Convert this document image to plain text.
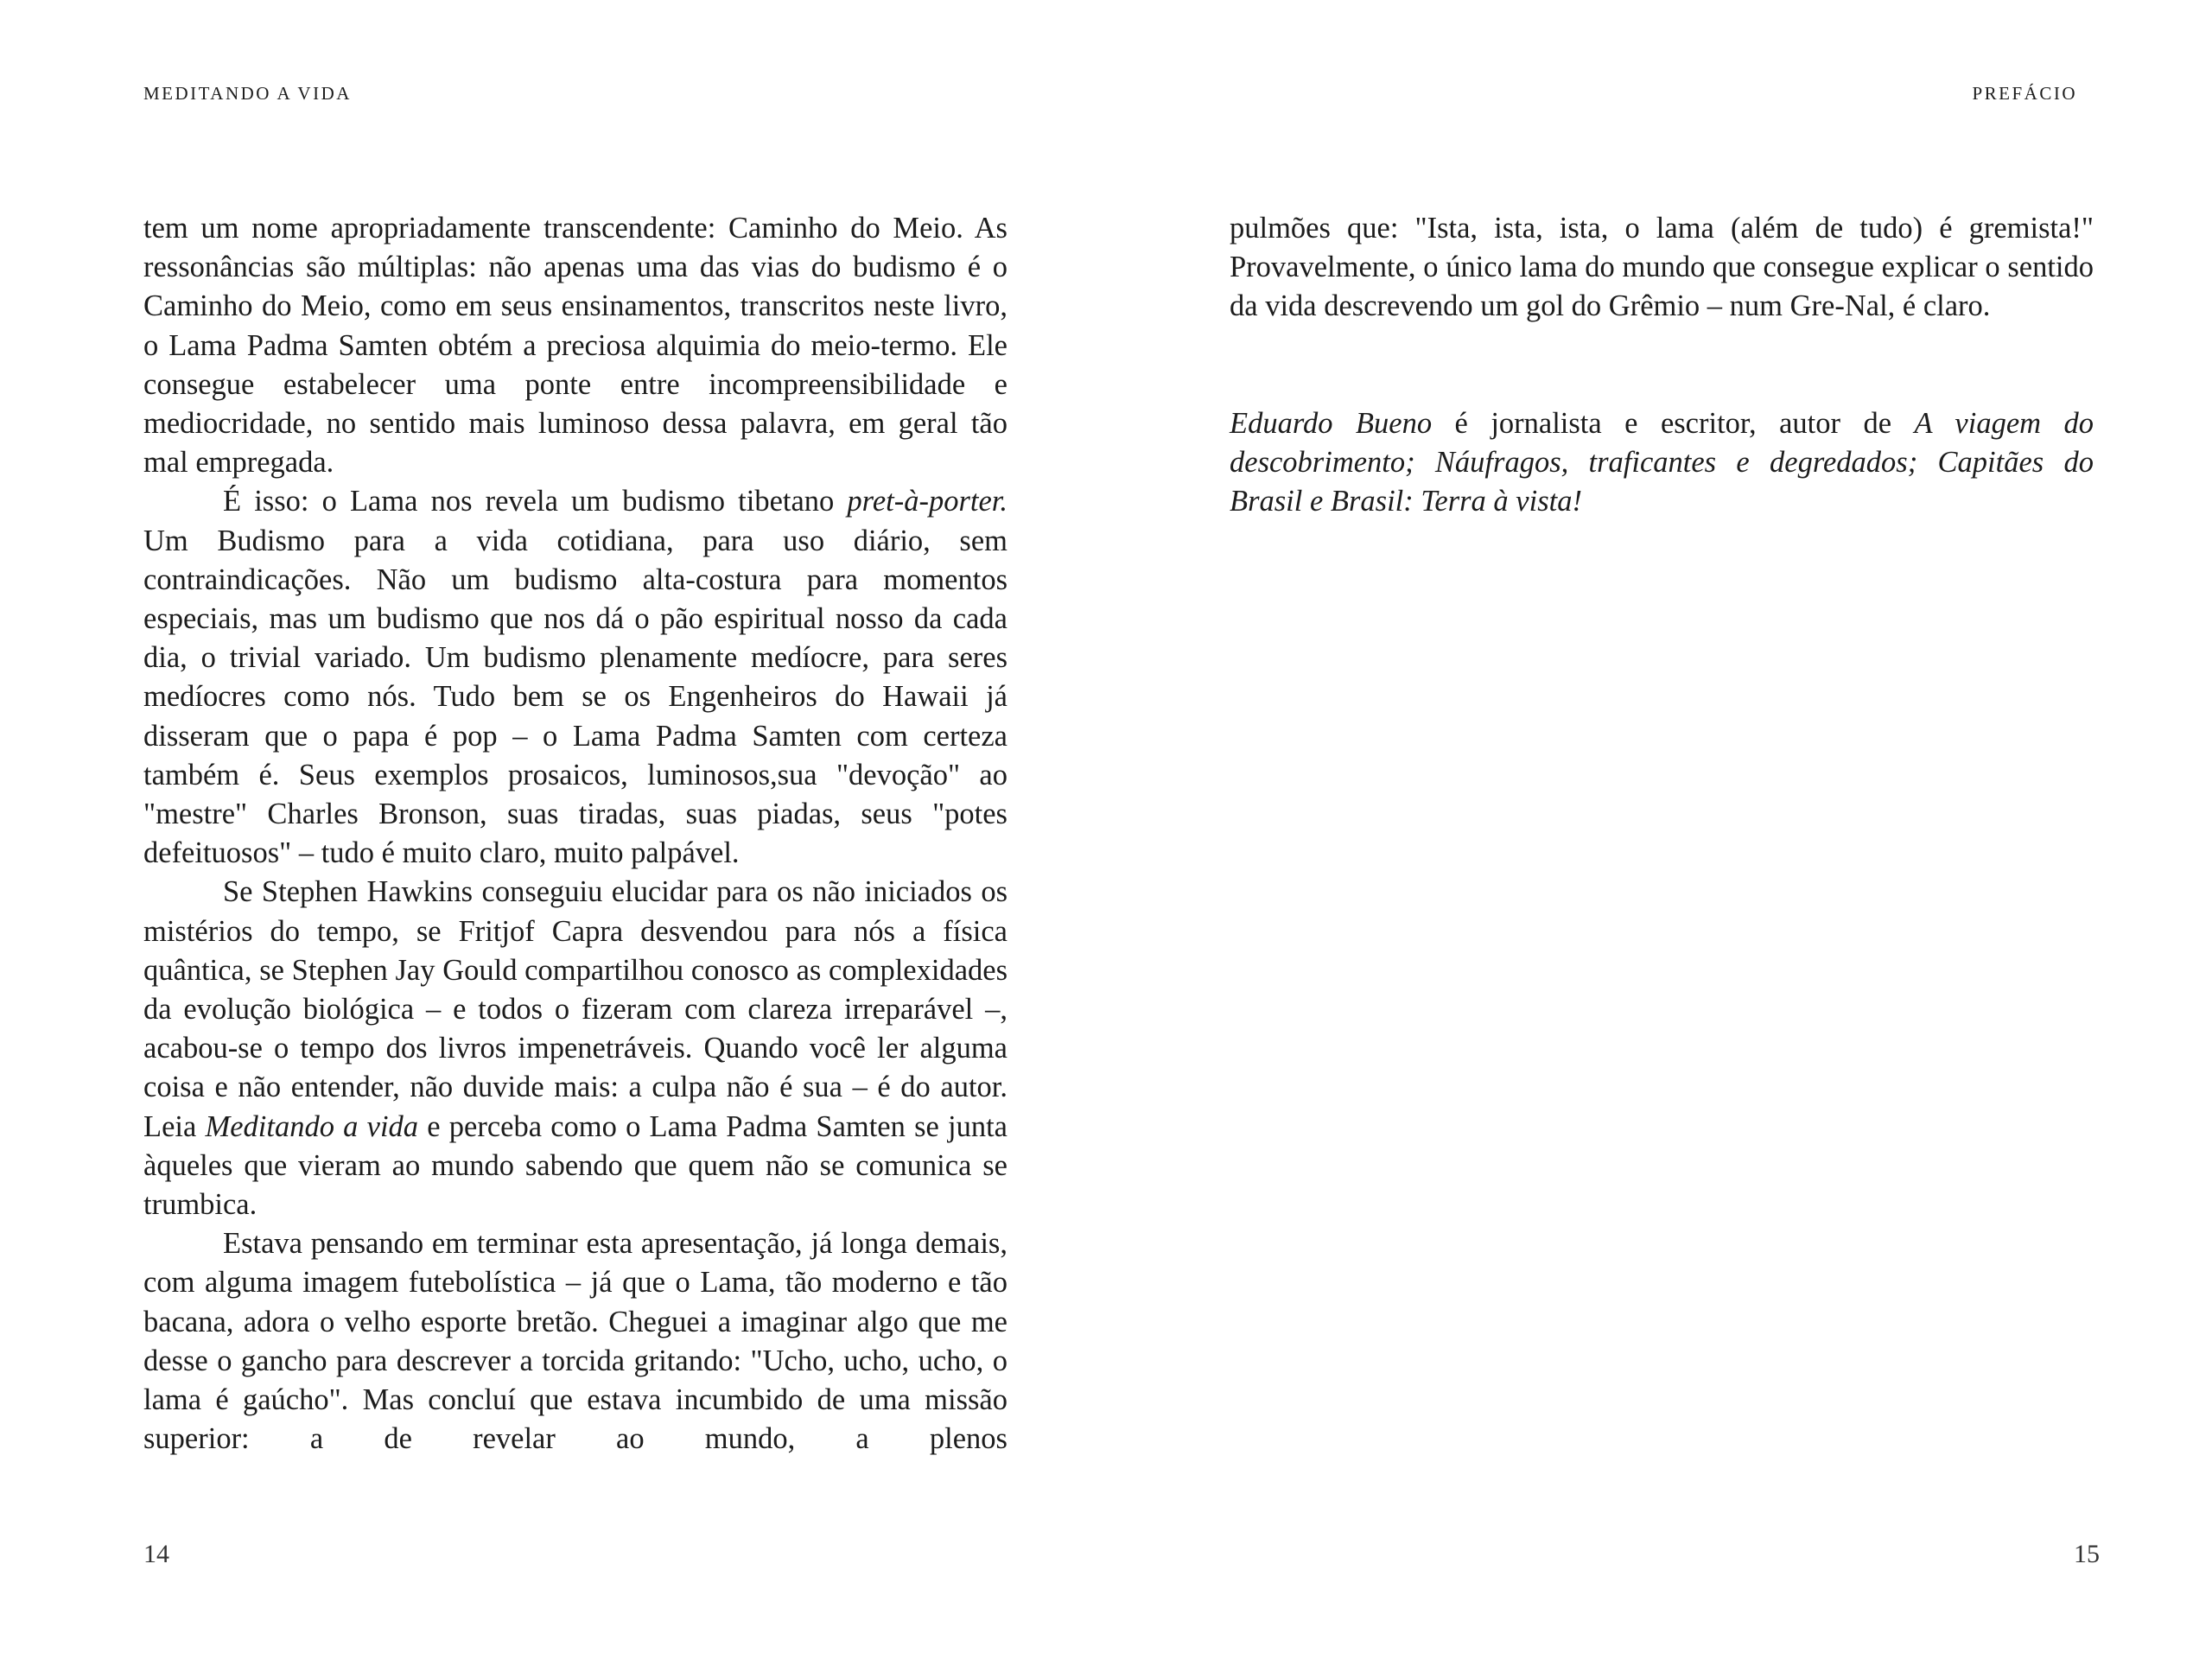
MEDITANDO A VIDA

tem um nome apropriadamente transcendente: Caminho do Meio. As ressonâncias são múltiplas: não apenas uma das vias do budismo é o Caminho do Meio, como em seus ensinamentos, transcritos neste livro, o Lama Padma Samten obtém a preciosa alquimia do meio-termo. Ele consegue estabelecer uma ponte entre incompreensibilidade e mediocridade, no sentido mais luminoso dessa palavra, em geral tão mal empregada.

É isso: o Lama nos revela um budismo tibetano pret-à-porter. Um Budismo para a vida cotidiana, para uso diário, sem contraindicações. Não um budismo alta-costura para momentos especiais, mas um budismo que nos dá o pão espiritual nosso da cada dia, o trivial variado. Um budismo plenamente medíocre, para seres medíocres como nós. Tudo bem se os Engenheiros do Hawaii já disseram que o papa é pop – o Lama Padma Samten com certeza também é. Seus exemplos prosaicos, luminosos,sua "devoção" ao "mestre" Charles Bronson, suas tiradas, suas piadas, seus "potes defeituosos" – tudo é muito claro, muito palpável.

Se Stephen Hawkins conseguiu elucidar para os não iniciados os mistérios do tempo, se Fritjof Capra desvendou para nós a física quântica, se Stephen Jay Gould compartilhou conosco as complexidades da evolução biológica – e todos o fizeram com clareza irreparável –, acabou-se o tempo dos livros impenetráveis. Quando você ler alguma coisa e não entender, não duvide mais: a culpa não é sua – é do autor. Leia Meditando a vida e perceba como o Lama Padma Samten se junta àqueles que vieram ao mundo sabendo que quem não se comunica se trumbica.

Estava pensando em terminar esta apresentação, já longa demais, com alguma imagem futebolística – já que o Lama, tão moderno e tão bacana, adora o velho esporte bretão. Cheguei a imaginar algo que me desse o gancho para descrever a torcida gritando: "Ucho, ucho, ucho, o lama é gaúcho". Mas concluí que estava incumbido de uma missão superior: a de revelar ao mundo, a plenos

14
PREFÁCIO

pulmões que: "Ista, ista, ista, o lama (além de tudo) é gremista!" Provavelmente, o único lama do mundo que consegue explicar o sentido da vida descrevendo um gol do Grêmio – num Gre-Nal, é claro.

Eduardo Bueno é jornalista e escritor, autor de A viagem do descobrimento; Náufragos, traficantes e degredados; Capitães do Brasil e Brasil: Terra à vista!

15
